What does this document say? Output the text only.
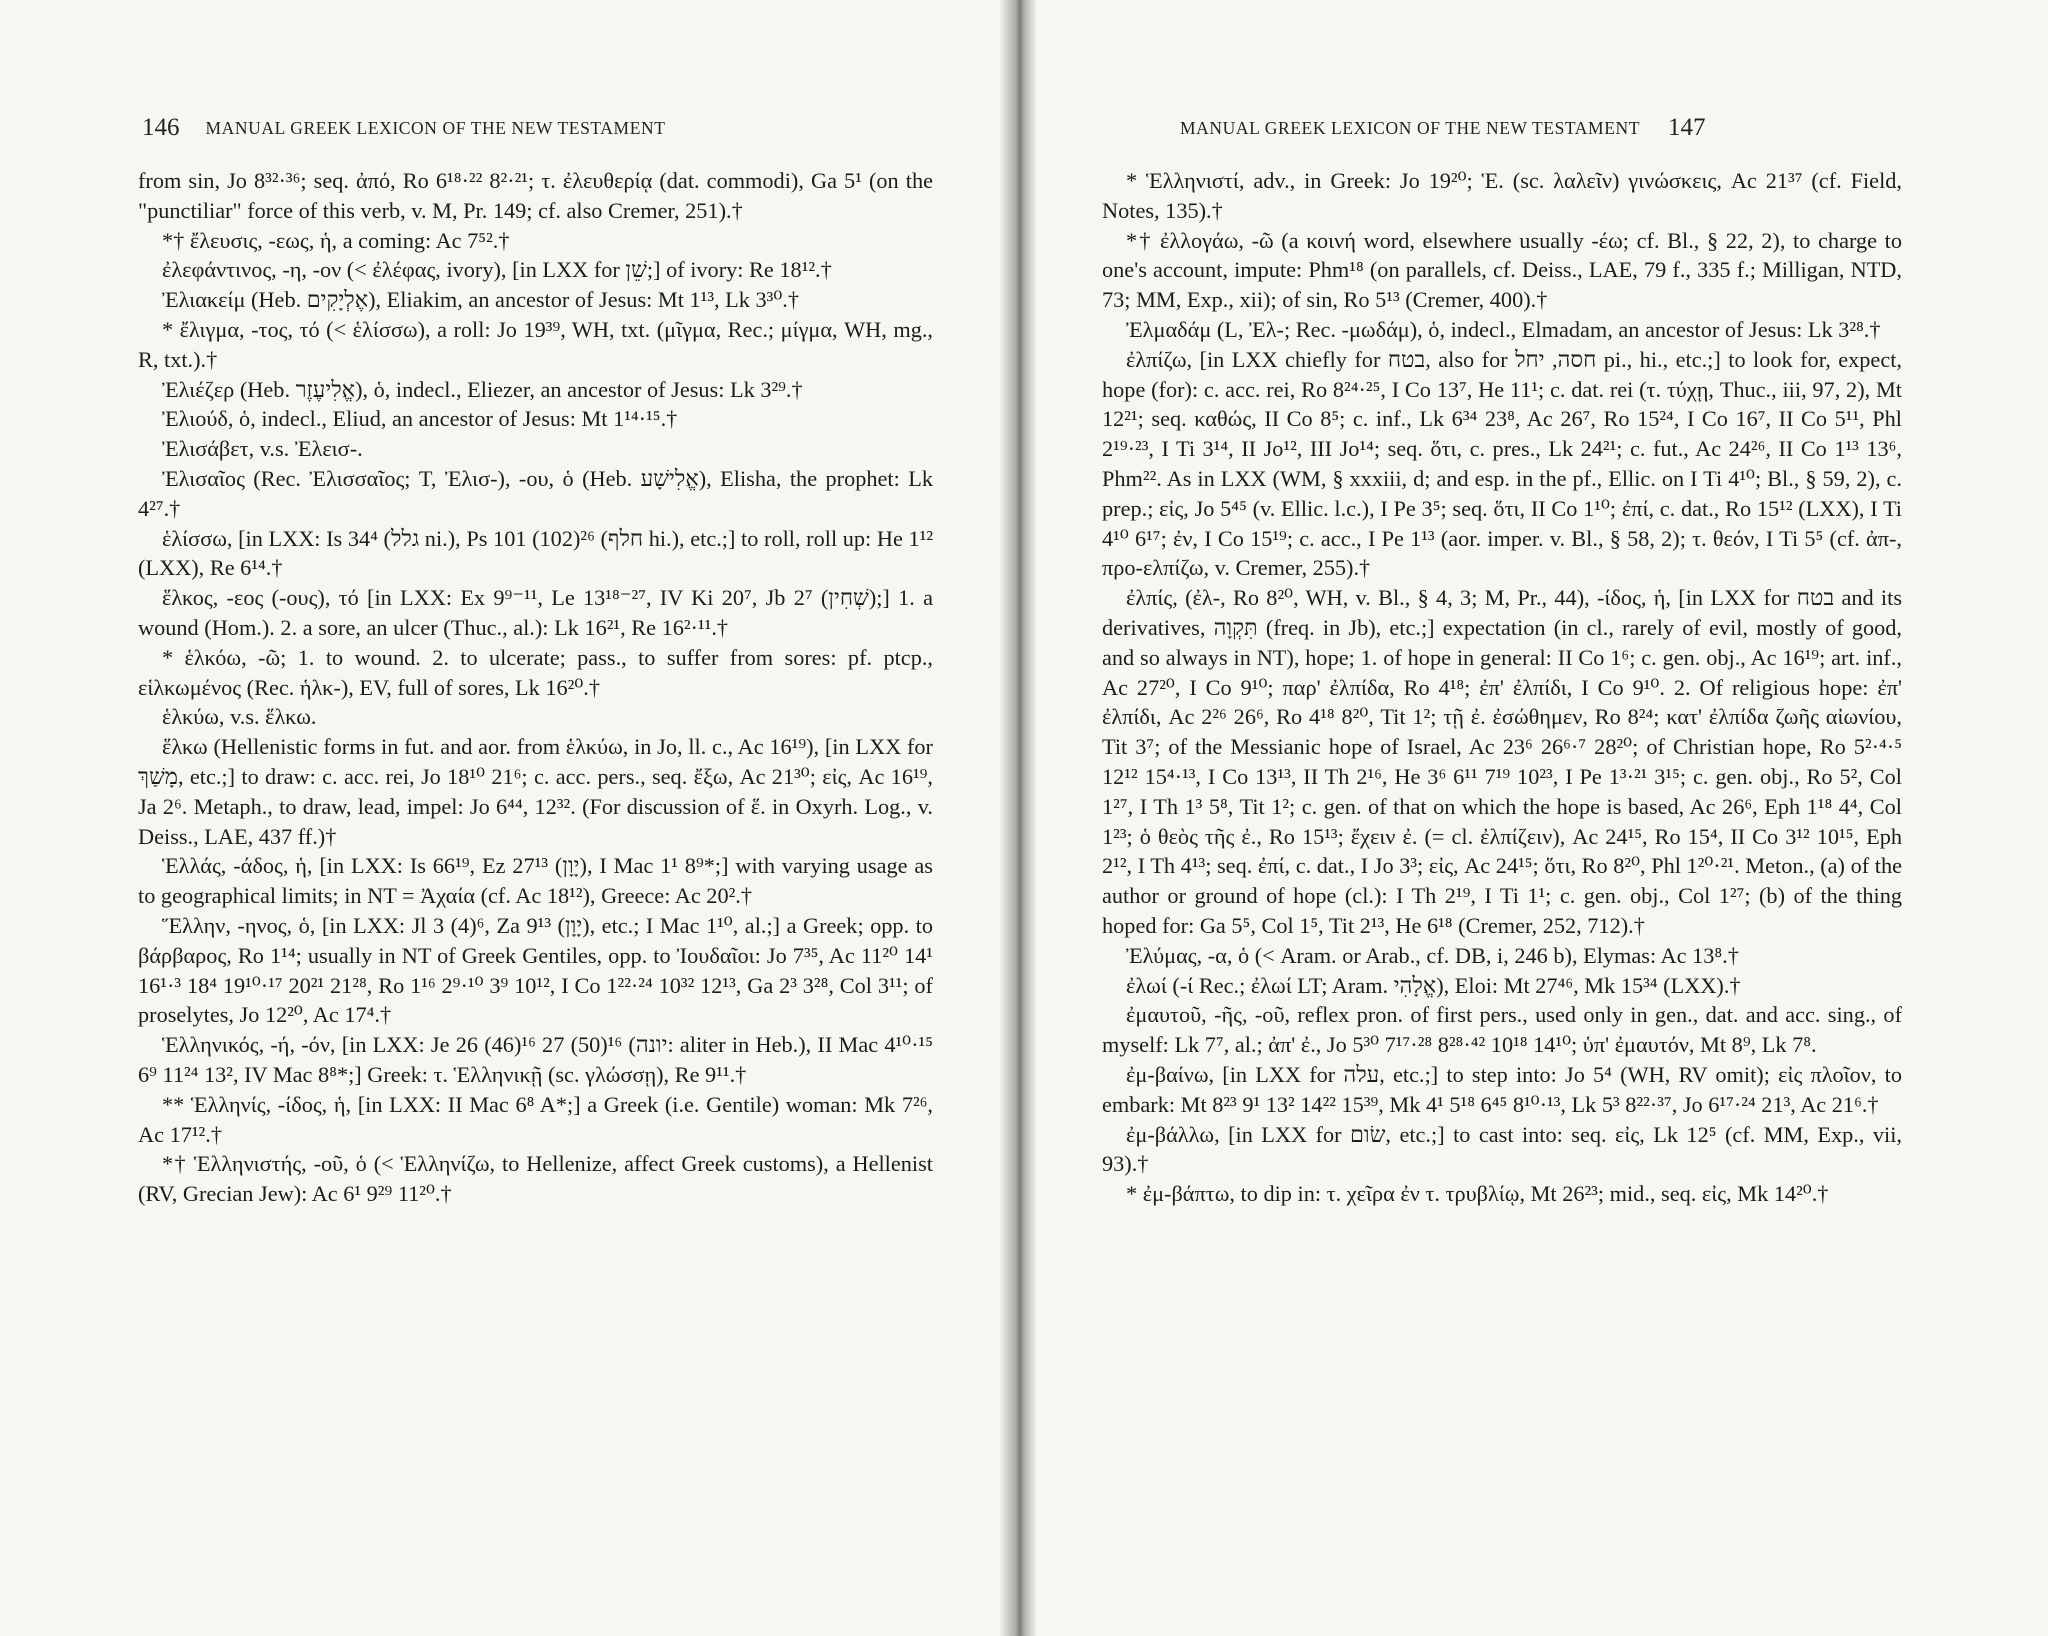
146 MANUAL GREEK LEXICON OF THE NEW TESTAMENT

from sin, Jo 8³²·³⁶; seq. ἀπό, Ro 6¹⁸·²² 8²·²¹; τ. ἐλευθερίᾳ (dat. commodi), Ga 5¹ (on the "punctiliar" force of this verb, v. M, Pr. 149; cf. also Cremer, 251).†

*† ἔλευσις, -εως, ἡ, a coming: Ac 7⁵².†

ἐλεφάντινος, -η, -ον (< ἐλέφας, ivory), [in LXX for שֵׁן;] of ivory: Re 18¹².†

Ἐλιακείμ (Heb. אֶלְיָקִים), Eliakim, an ancestor of Jesus: Mt 1¹³, Lk 3³⁰.†

* ἔλιγμα, -τος, τό (< ἑλίσσω), a roll: Jo 19³⁹, WH, txt. (μῖγμα, Rec.; μίγμα, WH, mg., R, txt.).†

Ἐλιέζερ (Heb. אֱלִיעֶזֶר), ὁ, indecl., Eliezer, an ancestor of Jesus: Lk 3²⁹.†

Ἐλιούδ, ὁ, indecl., Eliud, an ancestor of Jesus: Mt 1¹⁴·¹⁵.†

Ἐλισάβετ, v.s. Ἐλεισ-.

Ἐλισαῖος (Rec. Ἐλισσαῖος; T, Ἐλισ-), -ου, ὁ (Heb. אֱלִישָׁע), Elisha, the prophet: Lk 4²⁷.†

ἑλίσσω, [in LXX: Is 34⁴ (גלל ni.), Ps 101 (102)²⁶ (חלף hi.), etc.;] to roll, roll up: He 1¹² (LXX), Re 6¹⁴.†

ἕλκος, -εος (-ους), τό [in LXX: Ex 9⁹⁻¹¹, Le 13¹⁸⁻²⁷, IV Ki 20⁷, Jb 2⁷ (שְׁחִין);] 1. a wound (Hom.). 2. a sore, an ulcer (Thuc., al.): Lk 16²¹, Re 16²·¹¹.†

* ἑλκόω, -ῶ; 1. to wound. 2. to ulcerate; pass., to suffer from sores: pf. ptcp., εἱλκωμένος (Rec. ἡλκ-), EV, full of sores, Lk 16²⁰.†

ἑλκύω, v.s. ἕλκω.

ἕλκω (Hellenistic forms in fut. and aor. from ἑλκύω, in Jo, ll. c., Ac 16¹⁹), [in LXX for מָשַׁךְ, etc.;] to draw: c. acc. rei, Jo 18¹⁰ 21⁶; c. acc. pers., seq. ἔξω, Ac 21³⁰; εἰς, Ac 16¹⁹, Ja 2⁶. Metaph., to draw, lead, impel: Jo 6⁴⁴, 12³². (For discussion of ἕ. in Oxyrh. Log., v. Deiss., LAE, 437 ff.)†

Ἑλλάς, -άδος, ἡ, [in LXX: Is 66¹⁹, Ez 27¹³ (יָוָן), I Mac 1¹ 8⁹*;] with varying usage as to geographical limits; in NT = Ἀχαία (cf. Ac 18¹²), Greece: Ac 20².†

Ἕλλην, -ηνος, ὁ, [in LXX: Jl 3 (4)⁶, Za 9¹³ (יָוָן), etc.; I Mac 1¹⁰, al.;] a Greek; opp. to βάρβαρος, Ro 1¹⁴; usually in NT of Greek Gentiles, opp. to Ἰουδαῖοι: Jo 7³⁵, Ac 11²⁰ 14¹ 16¹·³ 18⁴ 19¹⁰·¹⁷ 20²¹ 21²⁸, Ro 1¹⁶ 2⁹·¹⁰ 3⁹ 10¹², I Co 1²²·²⁴ 10³² 12¹³, Ga 2³ 3²⁸, Col 3¹¹; of proselytes, Jo 12²⁰, Ac 17⁴.†

Ἑλληνικός, -ή, -όν, [in LXX: Je 26 (46)¹⁶ 27 (50)¹⁶ (יונה: aliter in Heb.), II Mac 4¹⁰·¹⁵ 6⁹ 11²⁴ 13², IV Mac 8⁸*;] Greek: τ. Ἑλληνικῇ (sc. γλώσσῃ), Re 9¹¹.†

** Ἑλληνίς, -ίδος, ἡ, [in LXX: II Mac 6⁸ A*;] a Greek (i.e. Gentile) woman: Mk 7²⁶, Ac 17¹².†

*† Ἑλληνιστής, -οῦ, ὁ (< Ἑλληνίζω, to Hellenize, affect Greek customs), a Hellenist (RV, Grecian Jew): Ac 6¹ 9²⁹ 11²⁰.†

MANUAL GREEK LEXICON OF THE NEW TESTAMENT 147

* Ἑλληνιστί, adv., in Greek: Jo 19²⁰; Ἑ. (sc. λαλεῖν) γινώσκεις, Ac 21³⁷ (cf. Field, Notes, 135).†

*† ἐλλογάω, -ῶ (a κοινή word, elsewhere usually -έω; cf. Bl., § 22, 2), to charge to one's account, impute: Phm¹⁸ (on parallels, cf. Deiss., LAE, 79 f., 335 f.; Milligan, NTD, 73; MM, Exp., xii); of sin, Ro 5¹³ (Cremer, 400).†

Ἐλμαδάμ (L, Ἐλ-; Rec. -μωδάμ), ὁ, indecl., Elmadam, an ancestor of Jesus: Lk 3²⁸.†

ἐλπίζω, [in LXX chiefly for בטח, also for חסה, יחל pi., hi., etc.;] to look for, expect, hope (for): c. acc. rei, Ro 8²⁴·²⁵, I Co 13⁷, He 11¹; c. dat. rei (τ. τύχῃ, Thuc., iii, 97, 2), Mt 12²¹; seq. καθώς, II Co 8⁵; c. inf., Lk 6³⁴ 23⁸, Ac 26⁷, Ro 15²⁴, I Co 16⁷, II Co 5¹¹, Phl 2¹⁹·²³, I Ti 3¹⁴, II Jo¹², III Jo¹⁴; seq. ὅτι, c. pres., Lk 24²¹; c. fut., Ac 24²⁶, II Co 1¹³ 13⁶, Phm²². As in LXX (WM, § xxxiii, d; and esp. in the pf., Ellic. on I Ti 4¹⁰; Bl., § 59, 2), c. prep.; εἰς, Jo 5⁴⁵ (v. Ellic. l.c.), I Pe 3⁵; seq. ὅτι, II Co 1¹⁰; ἐπί, c. dat., Ro 15¹² (LXX), I Ti 4¹⁰ 6¹⁷; ἐν, I Co 15¹⁹; c. acc., I Pe 1¹³ (aor. imper. v. Bl., § 58, 2); τ. θεόν, I Ti 5⁵ (cf. ἀπ-, προ-ελπίζω, v. Cremer, 255).†

ἐλπίς, (ἐλ-, Ro 8²⁰, WH, v. Bl., § 4, 3; M, Pr., 44), -ίδος, ἡ, [in LXX for בטח and its derivatives, תִּקְוָה (freq. in Jb), etc.;] expectation (in cl., rarely of evil, mostly of good, and so always in NT), hope; 1. of hope in general: II Co 1⁶; c. gen. obj., Ac 16¹⁹; art. inf., Ac 27²⁰, I Co 9¹⁰; παρ' ἐλπίδα, Ro 4¹⁸; ἐπ' ἐλπίδι, I Co 9¹⁰. 2. Of religious hope: ἐπ' ἐλπίδι, Ac 2²⁶ 26⁶, Ro 4¹⁸ 8²⁰, Tit 1²; τῇ ἐ. ἐσώθημεν, Ro 8²⁴; κατ' ἐλπίδα ζωῆς αἰωνίου, Tit 3⁷; of the Messianic hope of Israel, Ac 23⁶ 26⁶·⁷ 28²⁰; of Christian hope, Ro 5²·⁴·⁵ 12¹² 15⁴·¹³, I Co 13¹³, II Th 2¹⁶, He 3⁶ 6¹¹ 7¹⁹ 10²³, I Pe 1³·²¹ 3¹⁵; c. gen. obj., Ro 5², Col 1²⁷, I Th 1³ 5⁸, Tit 1²; c. gen. of that on which the hope is based, Ac 26⁶, Eph 1¹⁸ 4⁴, Col 1²³; ὁ θεὸς τῆς ἐ., Ro 15¹³; ἔχειν ἐ. (= cl. ἐλπίζειν), Ac 24¹⁵, Ro 15⁴, II Co 3¹² 10¹⁵, Eph 2¹², I Th 4¹³; seq. ἐπί, c. dat., I Jo 3³; εἰς, Ac 24¹⁵; ὅτι, Ro 8²⁰, Phl 1²⁰·²¹. Meton., (a) of the author or ground of hope (cl.): I Th 2¹⁹, I Ti 1¹; c. gen. obj., Col 1²⁷; (b) of the thing hoped for: Ga 5⁵, Col 1⁵, Tit 2¹³, He 6¹⁸ (Cremer, 252, 712).†

Ἐλύμας, -α, ὁ (< Aram. or Arab., cf. DB, i, 246 b), Elymas: Ac 13⁸.†

ἐλωί (-ί Rec.; ἐλωί LT; Aram. אֱלָהִי), Eloi: Mt 27⁴⁶, Mk 15³⁴ (LXX).†

ἐμαυτοῦ, -ῆς, -οῦ, reflex pron. of first pers., used only in gen., dat. and acc. sing., of myself: Lk 7⁷, al.; ἀπ' ἐ., Jo 5³⁰ 7¹⁷·²⁸ 8²⁸·⁴² 10¹⁸ 14¹⁰; ὑπ' ἐμαυτόν, Mt 8⁹, Lk 7⁸.

ἐμ-βαίνω, [in LXX for עלה, etc.;] to step into: Jo 5⁴ (WH, RV omit); εἰς πλοῖον, to embark: Mt 8²³ 9¹ 13² 14²² 15³⁹, Mk 4¹ 5¹⁸ 6⁴⁵ 8¹⁰·¹³, Lk 5³ 8²²·³⁷, Jo 6¹⁷·²⁴ 21³, Ac 21⁶.†

ἐμ-βάλλω, [in LXX for שׂום, etc.;] to cast into: seq. εἰς, Lk 12⁵ (cf. MM, Exp., vii, 93).†

* ἐμ-βάπτω, to dip in: τ. χεῖρα ἐν τ. τρυβλίῳ, Mt 26²³; mid., seq. εἰς, Mk 14²⁰.†
